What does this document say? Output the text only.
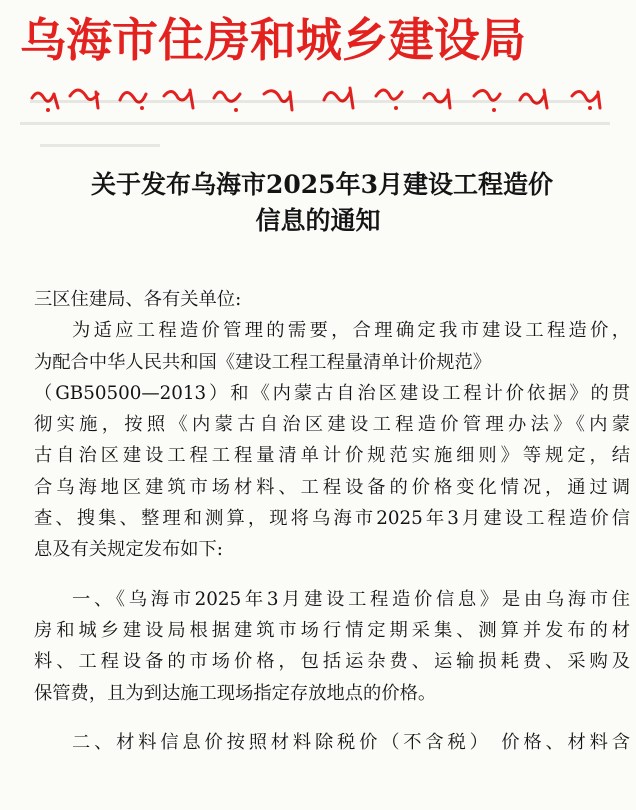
乌海市住房和城乡建设局
关于发布乌海市2025年3月建设工程造价
信息的通知
三区住建局、各有关单位:
为适应工程造价管理的需要，合理确定我市建设工程造价，
为配合中华人民共和国《建设工程工程量清单计价规范》
（GB50500—2013）和《内蒙古自治区建设工程计价依据》的贯
彻实施，按照《内蒙古自治区建设工程造价管理办法》《内蒙
古自治区建设工程工程量清单计价规范实施细则》等规定，结
合乌海地区建筑市场材料、工程设备的价格变化情况，通过调
查、搜集、整理和测算，现将乌海市2025年3月建设工程造价信
息及有关规定发布如下:
一、《乌海市2025年3月建设工程造价信息》是由乌海市住
房和城乡建设局根据建筑市场行情定期采集、测算并发布的材
料、工程设备的市场价格，包括运杂费、运输损耗费、采购及
保管费，且为到达施工现场指定存放地点的价格。
二、材料信息价按照材料除税价（不含税） 价格、材料含
